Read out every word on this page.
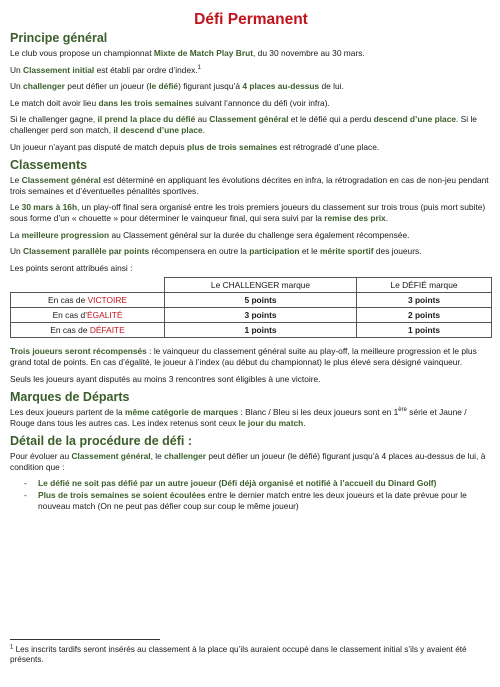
Défi Permanent
Principe général

Le club vous propose un championnat Mixte de Match Play Brut, du 30 novembre au 30 mars.

Un Classement initial est établi par ordre d’index.$^1$

Un challenger peut défier un joueur (le défié) figurant jusqu’à 4 places au-dessus de lui.

Le match doit avoir lieu dans les trois semaines suivant l’annonce du défi (voir infra).

Si le challenger gagne, il prend la place du défié au Classement général et le défié qui a perdu descend d’une place. Si le challenger perd son match, il descend d’une place.

Un joueur n’ayant pas disputé de match depuis plus de trois semaines est rétrogradé d’une place.

Classements

Le Classement général est déterminé en appliquant les évolutions décrites en infra, la rétrogradation en cas de non-jeu pendant trois semaines et d’éventuelles pénalités sportives.

Le 30 mars à 16h, un play-off final sera organisé entre les trois premiers joueurs du classement sur trois trous (puis mort subite) sous forme d’un « chouette » pour déterminer le vainqueur final, qui sera suivi par la remise des prix.

La meilleure progression au Classement général sur la durée du challenge sera également récompensée.

Un Classement parallèle par points récompensera en outre la participation et le mérite sportif des joueurs.

Les points seront attribués ainsi :

	Le CHALLENGER marque	Le DÉFIÉ marque
En cas de VICTOIRE	5 points	3 points
En cas d’ÉGALITÉ	3 points	2 points
En cas de DÉFAITE	1 points	1 points

Trois joueurs seront récompensés : le vainqueur du classement général suite au play-off, la meilleure progression et le plus grand total de points. En cas d’égalité, le joueur à l’index (au début du championnat) le plus élevé sera désigné vainqueur.

Seuls les joueurs ayant disputés au moins 3 rencontres sont éligibles à une victoire.

Marques de Départs

Les deux joueurs partent de la même catégorie de marques : Blanc / Bleu si les deux joueurs sont en 1ère série et Jaune / Rouge dans tous les autres cas. Les index retenus sont ceux le jour du match.

Détail de la procédure de défi :

Pour évoluer au Classement général, le challenger peut défier un joueur (le défié) figurant jusqu’à 4 places au-dessus de lui, à condition que :

- Le défié ne soit pas défié par un autre joueur (Défi déjà organisé et notifié à l’accueil du Dinard Golf)
- Plus de trois semaines se soient écoulées entre le dernier match entre les deux joueurs et la date prévue pour le nouveau match (On ne peut pas défier coup sur coup le même joueur)
$^1$ Les inscrits tardifs seront insérés au classement à la place qu’ils auraient occupé dans le classement initial s’ils y avaient été présents.
